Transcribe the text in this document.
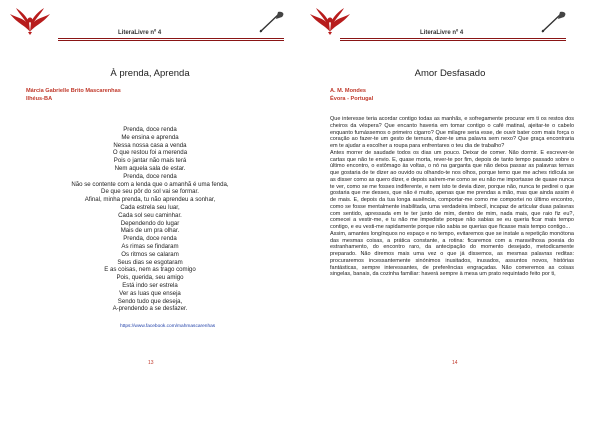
LiteraLivre nº 4
À prenda, Aprenda
Márcia Gabrielle Brito Mascarenhas
Ilhéus-BA
Prenda, doce renda
Me ensina e aprenda
Nessa nossa casa a venda
O que restou foi a merenda
Pois o jantar não mais terá
Nem aquela sala de estar.
Prenda, doce renda
Não se contente com a lenda que o amanhã é uma fenda,
De que seu pôr do sol vai se formar.
Afinal, minha prenda, tu não aprendeu a sonhar,
Cada estrela seu luar,
Cada sol seu caminhar.
Dependendo do lugar
Mais de um pra olhar.
Prenda, doce renda
As rimas se findaram
Os ritmos se calaram
Seus dias se esgotaram
E as coisas, nem as trago comigo
Pois, querida, seu amigo
Está indo ser estrela
Ver as luas que enseja
Sendo tudo que deseja,
A-prendendo a se desfazer.
https://www.facebook.com/mahmascarenhas
13
LiteraLivre nº 4
Amor Desfasado
A. M. Mondes
Évora - Portugal

Que interesse teria acordar contigo todas as manhãs, e sofregamente procurar em ti os restos dos cheiros da véspera? Que encanto haveria em tomar contigo o café matinal, ajeitar-te o cabelo enquanto fumássemos o primeiro cigarro? Que milagre seria esse, de ouvir bater com mais força o coração ao fazer-te um gesto de ternura, dizer-te uma palavra sem nexo? Que graça encontraria em te ajudar a escolher a roupa para enfrentares o teu dia de trabalho?

Antes morrer de saudade todos os dias um pouco. Deixar de comer. Não dormir. E escrever-te cartas que não te envio. E, quase morta, rever-te por fim, depois de tanto tempo passado sobre o último encontro, o estômago às voltas, o nó na garganta que não deixa passar as palavras ternas que gostaria de te dizer ao ouvido ou olhando-te nos olhos, porque temo que me aches ridícula se as disser como as quero dizer, e depois saírem-me como se eu não me importasse de quase nunca te ver, como se me fosses indiferente, e nem isto te devia dizer, porque não, nunca te pedirei o que gostaria que me desses, que não é muito, apenas que me prendas a mão, mas que ainda assim é de mais. E, depois da tua longa ausência, comportar-me como me comportei no último encontro, como se fosse mentalmente inabilitada, uma verdadeira imbecil, incapaz de articular duas palavras com sentido, apressada em te ter junto de mim, dentro de mim, nada mais, que raio fiz eu?, comecei a vestir-me, e tu não me impediste porque não sabias se eu queria ficar mais tempo contigo, e eu vesti-me rapidamente porque não sabia se querias que ficasse mais tempo contigo...

Assim, amantes longínquos no espaço e no tempo, evitaremos que se instale a repetição monótona das mesmas coisas, a prática constante, a rotina: ficaremos com a maravilhosa poesia do estranhamento, do encontro raro, da antecipação do momento desejado, metodicamente preparado. Não diremos mais uma vez o que já dissemos, as mesmas palavras reditas: procuraremos incessantemente sinónimos inusitados, inusados, assuntos novos, histórias fantásticas, sempre interessantes, de preferências engraçadas. Não comeremos as coisas singelas, banais, da cozinha familiar: haverá sempre à mesa um prato requintado feito por ti,

14
